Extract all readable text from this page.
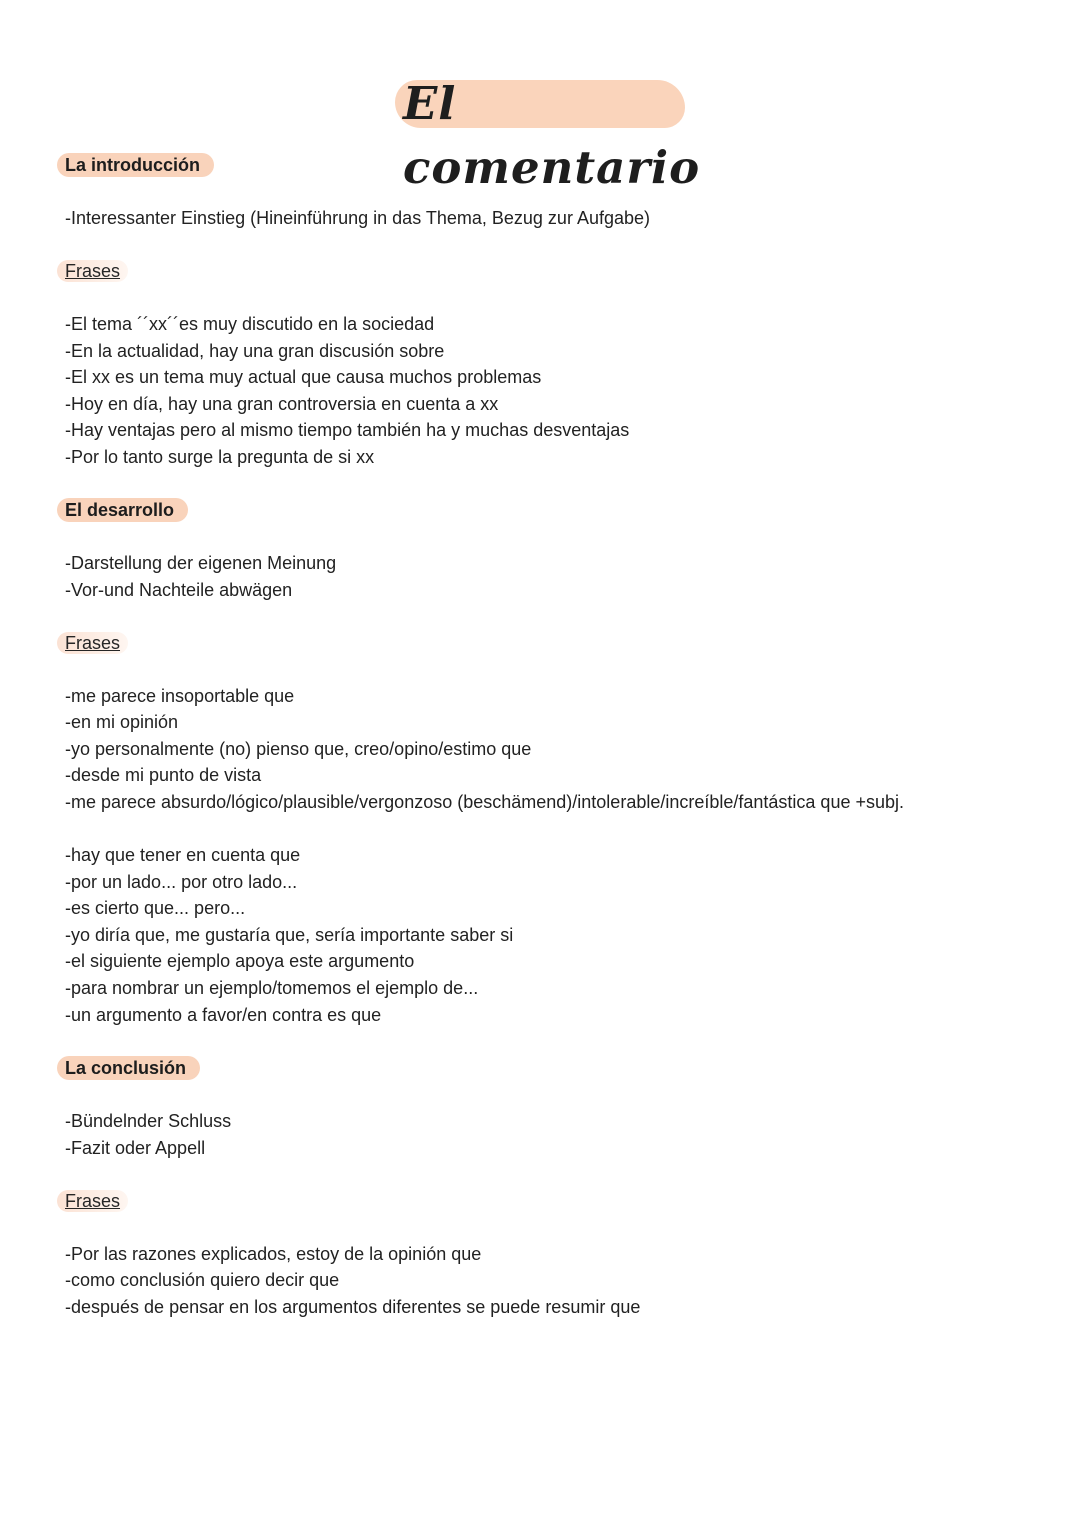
El comentario
La introducción
-Interessanter Einstieg (Hineinführung in das Thema, Bezug zur Aufgabe)
Frases
-El tema ´´xx´´es muy discutido en la sociedad
-En la actualidad, hay una gran discusión sobre
-El xx es un tema muy actual que causa muchos problemas
-Hoy en día, hay una gran controversia en cuenta a xx
-Hay ventajas pero al mismo tiempo también ha y muchas desventajas
-Por lo tanto surge la pregunta de si xx
El desarrollo
-Darstellung der eigenen Meinung
-Vor-und Nachteile abwägen
Frases
-me parece insoportable que
-en mi opinión
-yo personalmente (no) pienso que, creo/opino/estimo que
-desde mi punto de vista
-me parece absurdo/lógico/plausible/vergonzoso (beschämend)/intolerable/increíble/fantástica que +subj.
-hay que tener en cuenta que
-por un lado... por otro lado...
-es cierto que... pero...
-yo diría que, me gustaría que, sería importante saber si
-el siguiente ejemplo apoya este argumento
-para nombrar un ejemplo/tomemos el ejemplo de...
-un argumento a favor/en contra es que
La conclusión
-Bündelnder Schluss
-Fazit oder Appell
Frases
-Por las razones explicados, estoy de la opinión que
-como conclusión quiero decir que
-después de pensar en los argumentos diferentes se puede resumir que
